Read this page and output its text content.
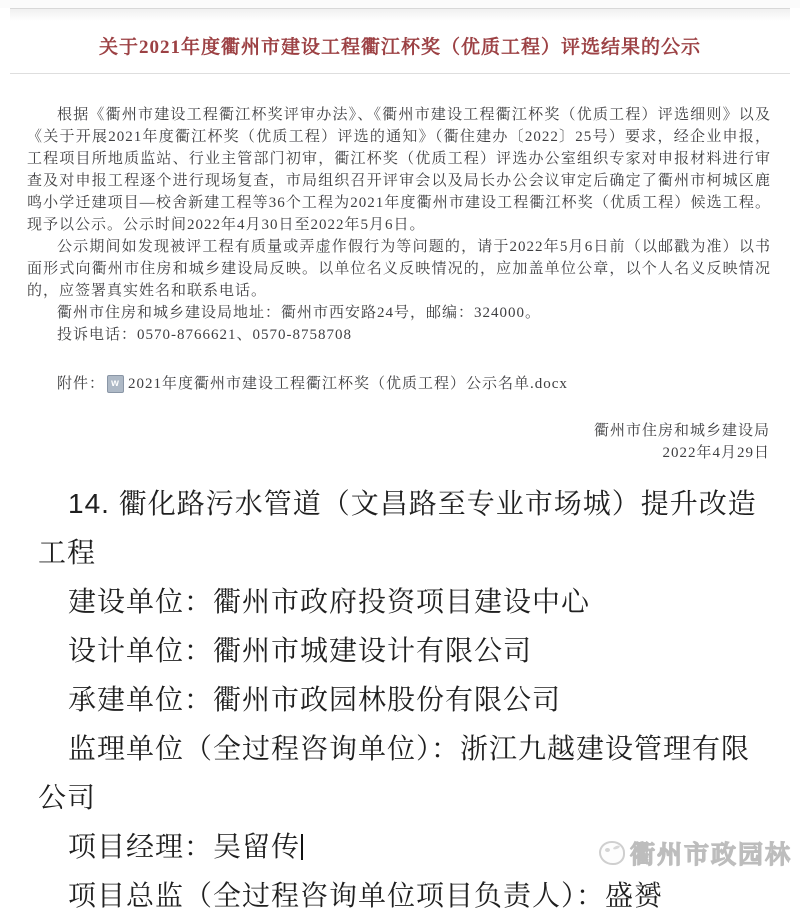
关于2021年度衢州市建设工程衢江杯奖（优质工程）评选结果的公示

根据《衢州市建设工程衢江杯奖评审办法》、《衢州市建设工程衢江杯奖（优质工程）评选细则》以及《关于开展2021年度衢江杯奖（优质工程）评选的通知》（衢住建办〔2022〕25号）要求，经企业申报，工程项目所地质监站、行业主管部门初审，衢江杯奖（优质工程）评选办公室组织专家对申报材料进行审查及对申报工程逐个进行现场复查，市局组织召开评审会以及局长办公会议审定后确定了衢州市柯城区鹿鸣小学迁建项目—校舍新建工程等36个工程为2021年度衢州市建设工程衢江杯奖（优质工程）候选工程。现予以公示。公示时间2022年4月30日至2022年5月6日。

公示期间如发现被评工程有质量或弄虚作假行为等问题的，请于2022年5月6日前（以邮戳为准）以书面形式向衢州市住房和城乡建设局反映。以单位名义反映情况的，应加盖单位公章，以个人名义反映情况的，应签署真实姓名和联系电话。

衢州市住房和城乡建设局地址：衢州市西安路24号，邮编：324000。

投诉电话：0570-8766621、0570-8758708

附件： w 2021年度衢州市建设工程衢江杯奖（优质工程）公示名单.docx
衢州市住房和城乡建设局
2022年4月29日
14. 衢化路污水管道（文昌路至专业市场城）提升改造
工程
建设单位：衢州市政府投资项目建设中心
设计单位：衢州市城建设计有限公司
承建单位：衢州市政园林股份有限公司
监理单位（全过程咨询单位）：浙江九越建设管理有限
公司
项目经理：吴留传
项目总监（全过程咨询单位项目负责人）：盛赟
衢州市政园林
